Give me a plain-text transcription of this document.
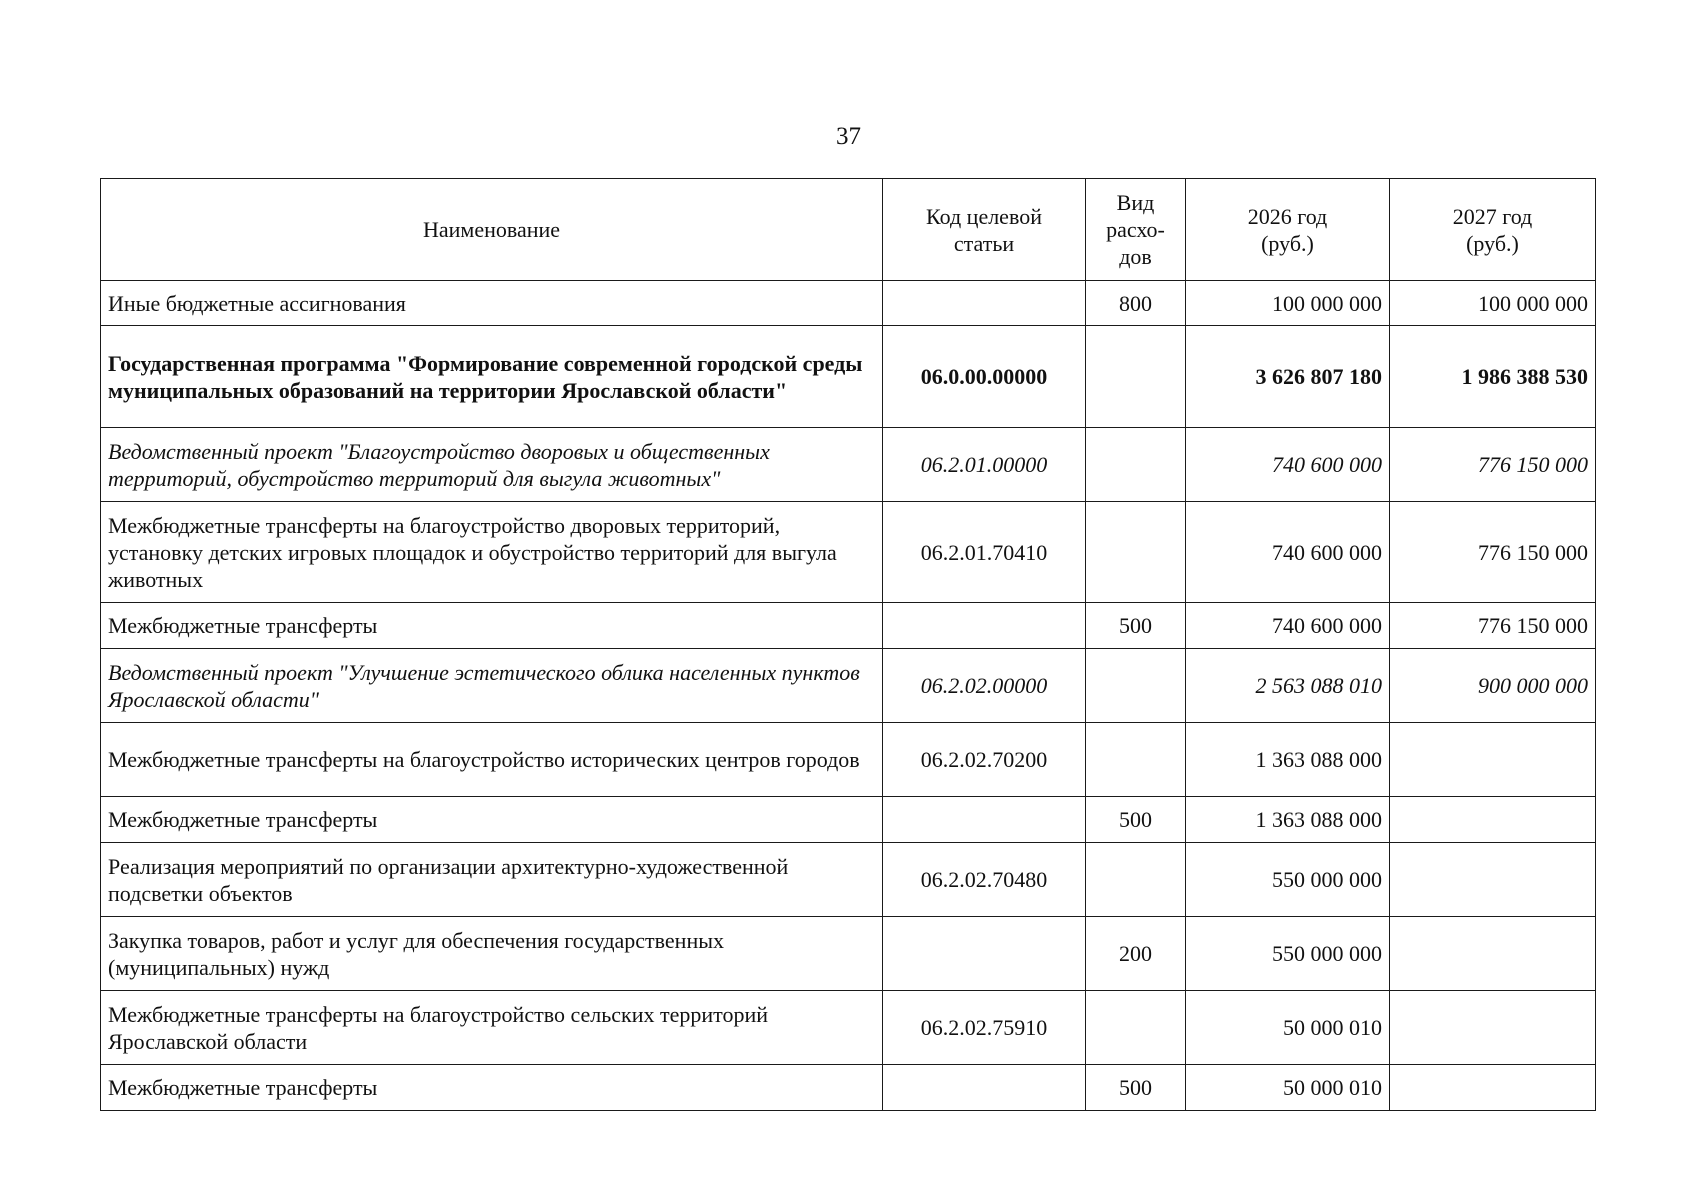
37
Наименование	Код целевой статьи	Вид расхо-дов	2026 год (руб.)	2027 год (руб.)
Иные бюджетные ассигнования		800	100 000 000	100 000 000
Государственная программа "Формирование современной городской среды муниципальных образований на территории Ярославской области"	06.0.00.00000		3 626 807 180	1 986 388 530
Ведомственный проект "Благоустройство дворовых и общественных территорий, обустройство территорий для выгула животных"	06.2.01.00000		740 600 000	776 150 000
Межбюджетные трансферты на благоустройство дворовых территорий, установку детских игровых площадок и обустройство территорий для выгула животных	06.2.01.70410		740 600 000	776 150 000
Межбюджетные трансферты		500	740 600 000	776 150 000
Ведомственный проект "Улучшение эстетического облика населенных пунктов Ярославской области"	06.2.02.00000		2 563 088 010	900 000 000
Межбюджетные трансферты на благоустройство исторических центров городов	06.2.02.70200		1 363 088 000	
Межбюджетные трансферты		500	1 363 088 000	
Реализация мероприятий по организации архитектурно-художественной подсветки объектов	06.2.02.70480		550 000 000	
Закупка товаров, работ и услуг для обеспечения государственных (муниципальных) нужд		200	550 000 000	
Межбюджетные трансферты на благоустройство сельских территорий Ярославской области	06.2.02.75910		50 000 010	
Межбюджетные трансферты		500	50 000 010	
